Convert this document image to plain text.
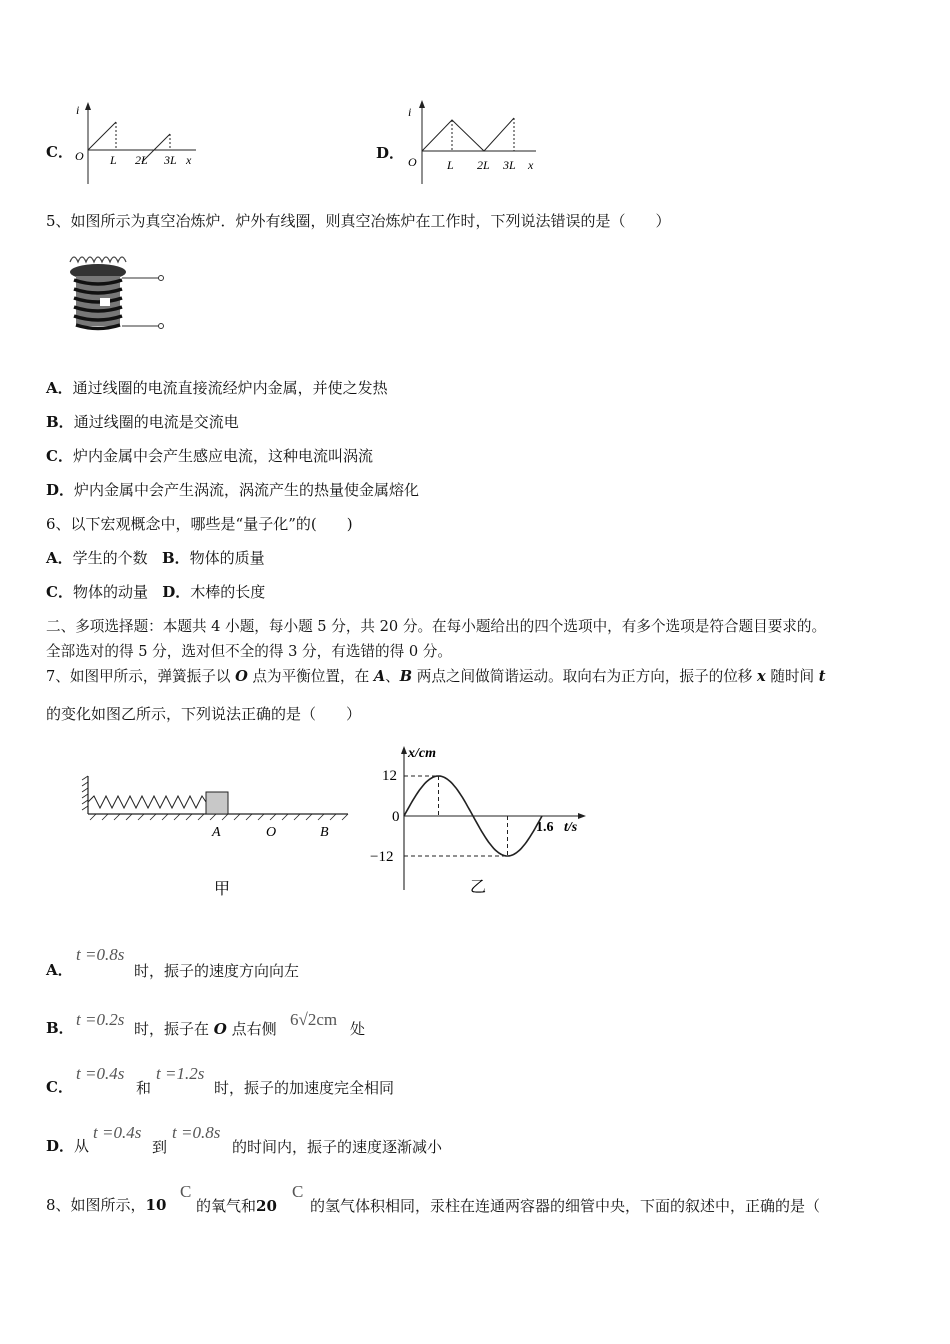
C．
i
O L 2L 3L x	D．
i
O	L 2L 3L x
5、如图所示为真空冶炼炉．炉外有线圈，则真空冶炼炉在工作时，下列说法错误的是（　　）
A．通过线圈的电流直接流经炉内金属，并使之发热
B．通过线圈的电流是交流电
C．炉内金属中会产生感应电流，这种电流叫涡流
D．炉内金属中会产生涡流，涡流产生的热量使金属熔化
6、以下宏观概念中，哪些是“量子化”的(　　)
A．学生的个数 B．物体的质量
C．物体的动量 D．木棒的长度
二、多项选择题：本题共 4 小题，每小题 5 分，共 20 分。在每小题给出的四个选项中，有多个选项是符合题目要求的。
全部选对的得 5 分，选对但不全的得 3 分，有选错的得 0 分。
7、如图甲所示，弹簧振子以 O 点为平衡位置，在 A、B 两点之间做简谐运动。取向右为正方向，振子的位移 x 随时间 t
的变化如图乙所示，下列说法正确的是（　　）
A	O	B
甲
x/cm
12
0
−12
1.6 t/s
乙
A．
t =0.8s
时，振子的速度方向向左
B． t =0.2s 时，振子在 O 点右侧 6√2cm 处
C．
t =0.4s
和
t =1.2s
时，振子的加速度完全相同
D．从
t =0.4s
到
t =0.8s
的时间内，振子的速度逐渐减小
8、如图所示，10
C
的氧气和20
C
的氢气体积相同，汞柱在连通两容器的细管中央，下面的叙述中，正确的是（
